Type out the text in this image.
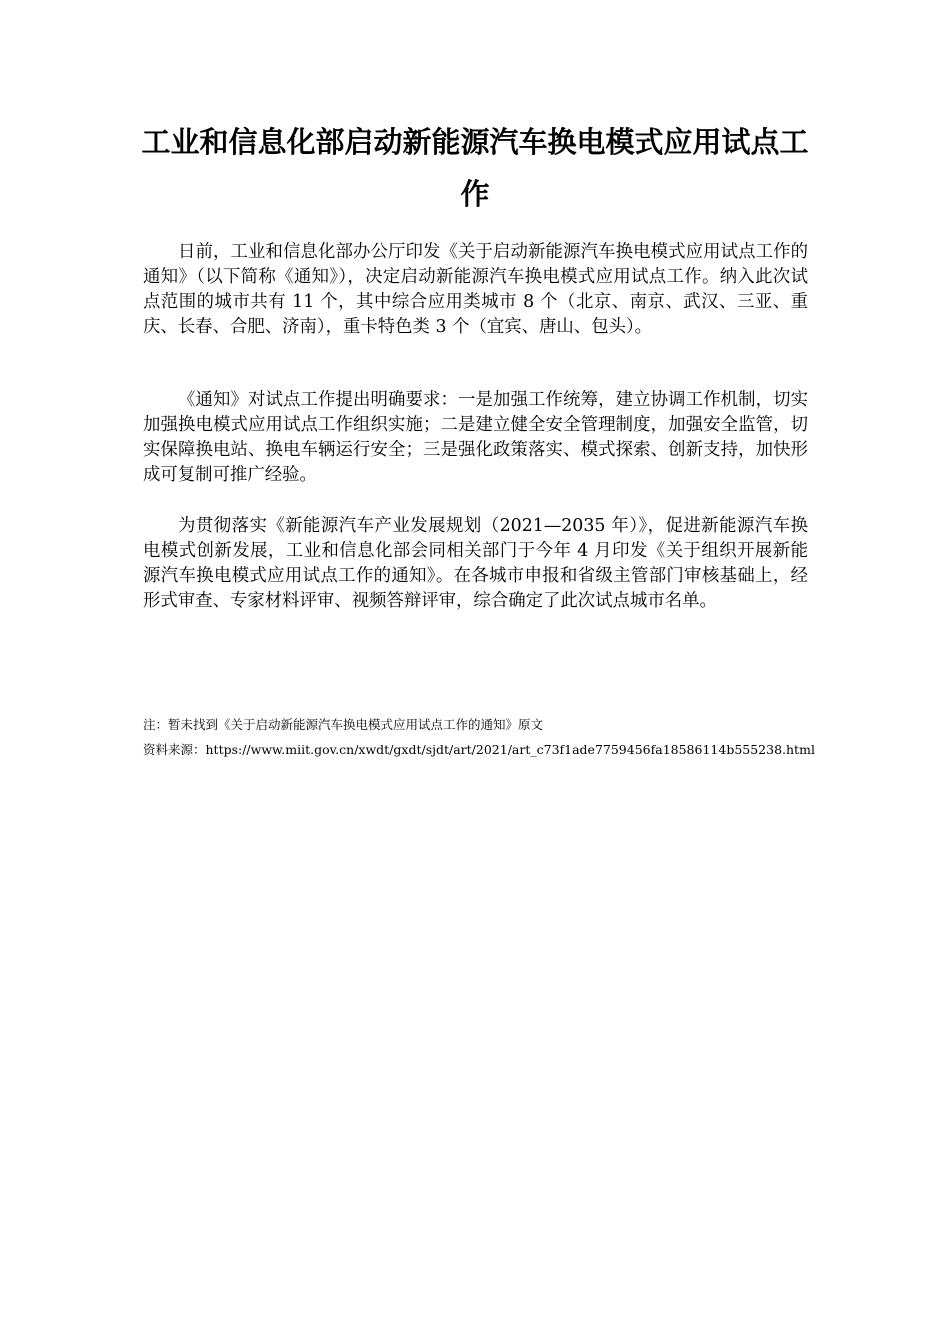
工业和信息化部启动新能源汽车换电模式应用试点工作

日前，工业和信息化部办公厅印发《关于启动新能源汽车换电模式应用试点工作的通知》（以下简称《通知》），决定启动新能源汽车换电模式应用试点工作。纳入此次试点范围的城市共有 11 个，其中综合应用类城市 8 个（北京、南京、武汉、三亚、重庆、长春、合肥、济南），重卡特色类 3 个（宜宾、唐山、包头）。

《通知》对试点工作提出明确要求：一是加强工作统筹，建立协调工作机制，切实加强换电模式应用试点工作组织实施；二是建立健全安全管理制度，加强安全监管，切实保障换电站、换电车辆运行安全；三是强化政策落实、模式探索、创新支持，加快形成可复制可推广经验。

为贯彻落实《新能源汽车产业发展规划（2021—2035 年）》，促进新能源汽车换电模式创新发展，工业和信息化部会同相关部门于今年 4 月印发《关于组织开展新能源汽车换电模式应用试点工作的通知》。在各城市申报和省级主管部门审核基础上，经形式审查、专家材料评审、视频答辩评审，综合确定了此次试点城市名单。

注：暂未找到《关于启动新能源汽车换电模式应用试点工作的通知》原文

资料来源：https://www.miit.gov.cn/xwdt/gxdt/sjdt/art/2021/art_c73f1ade7759456fa18586114b555238.html
